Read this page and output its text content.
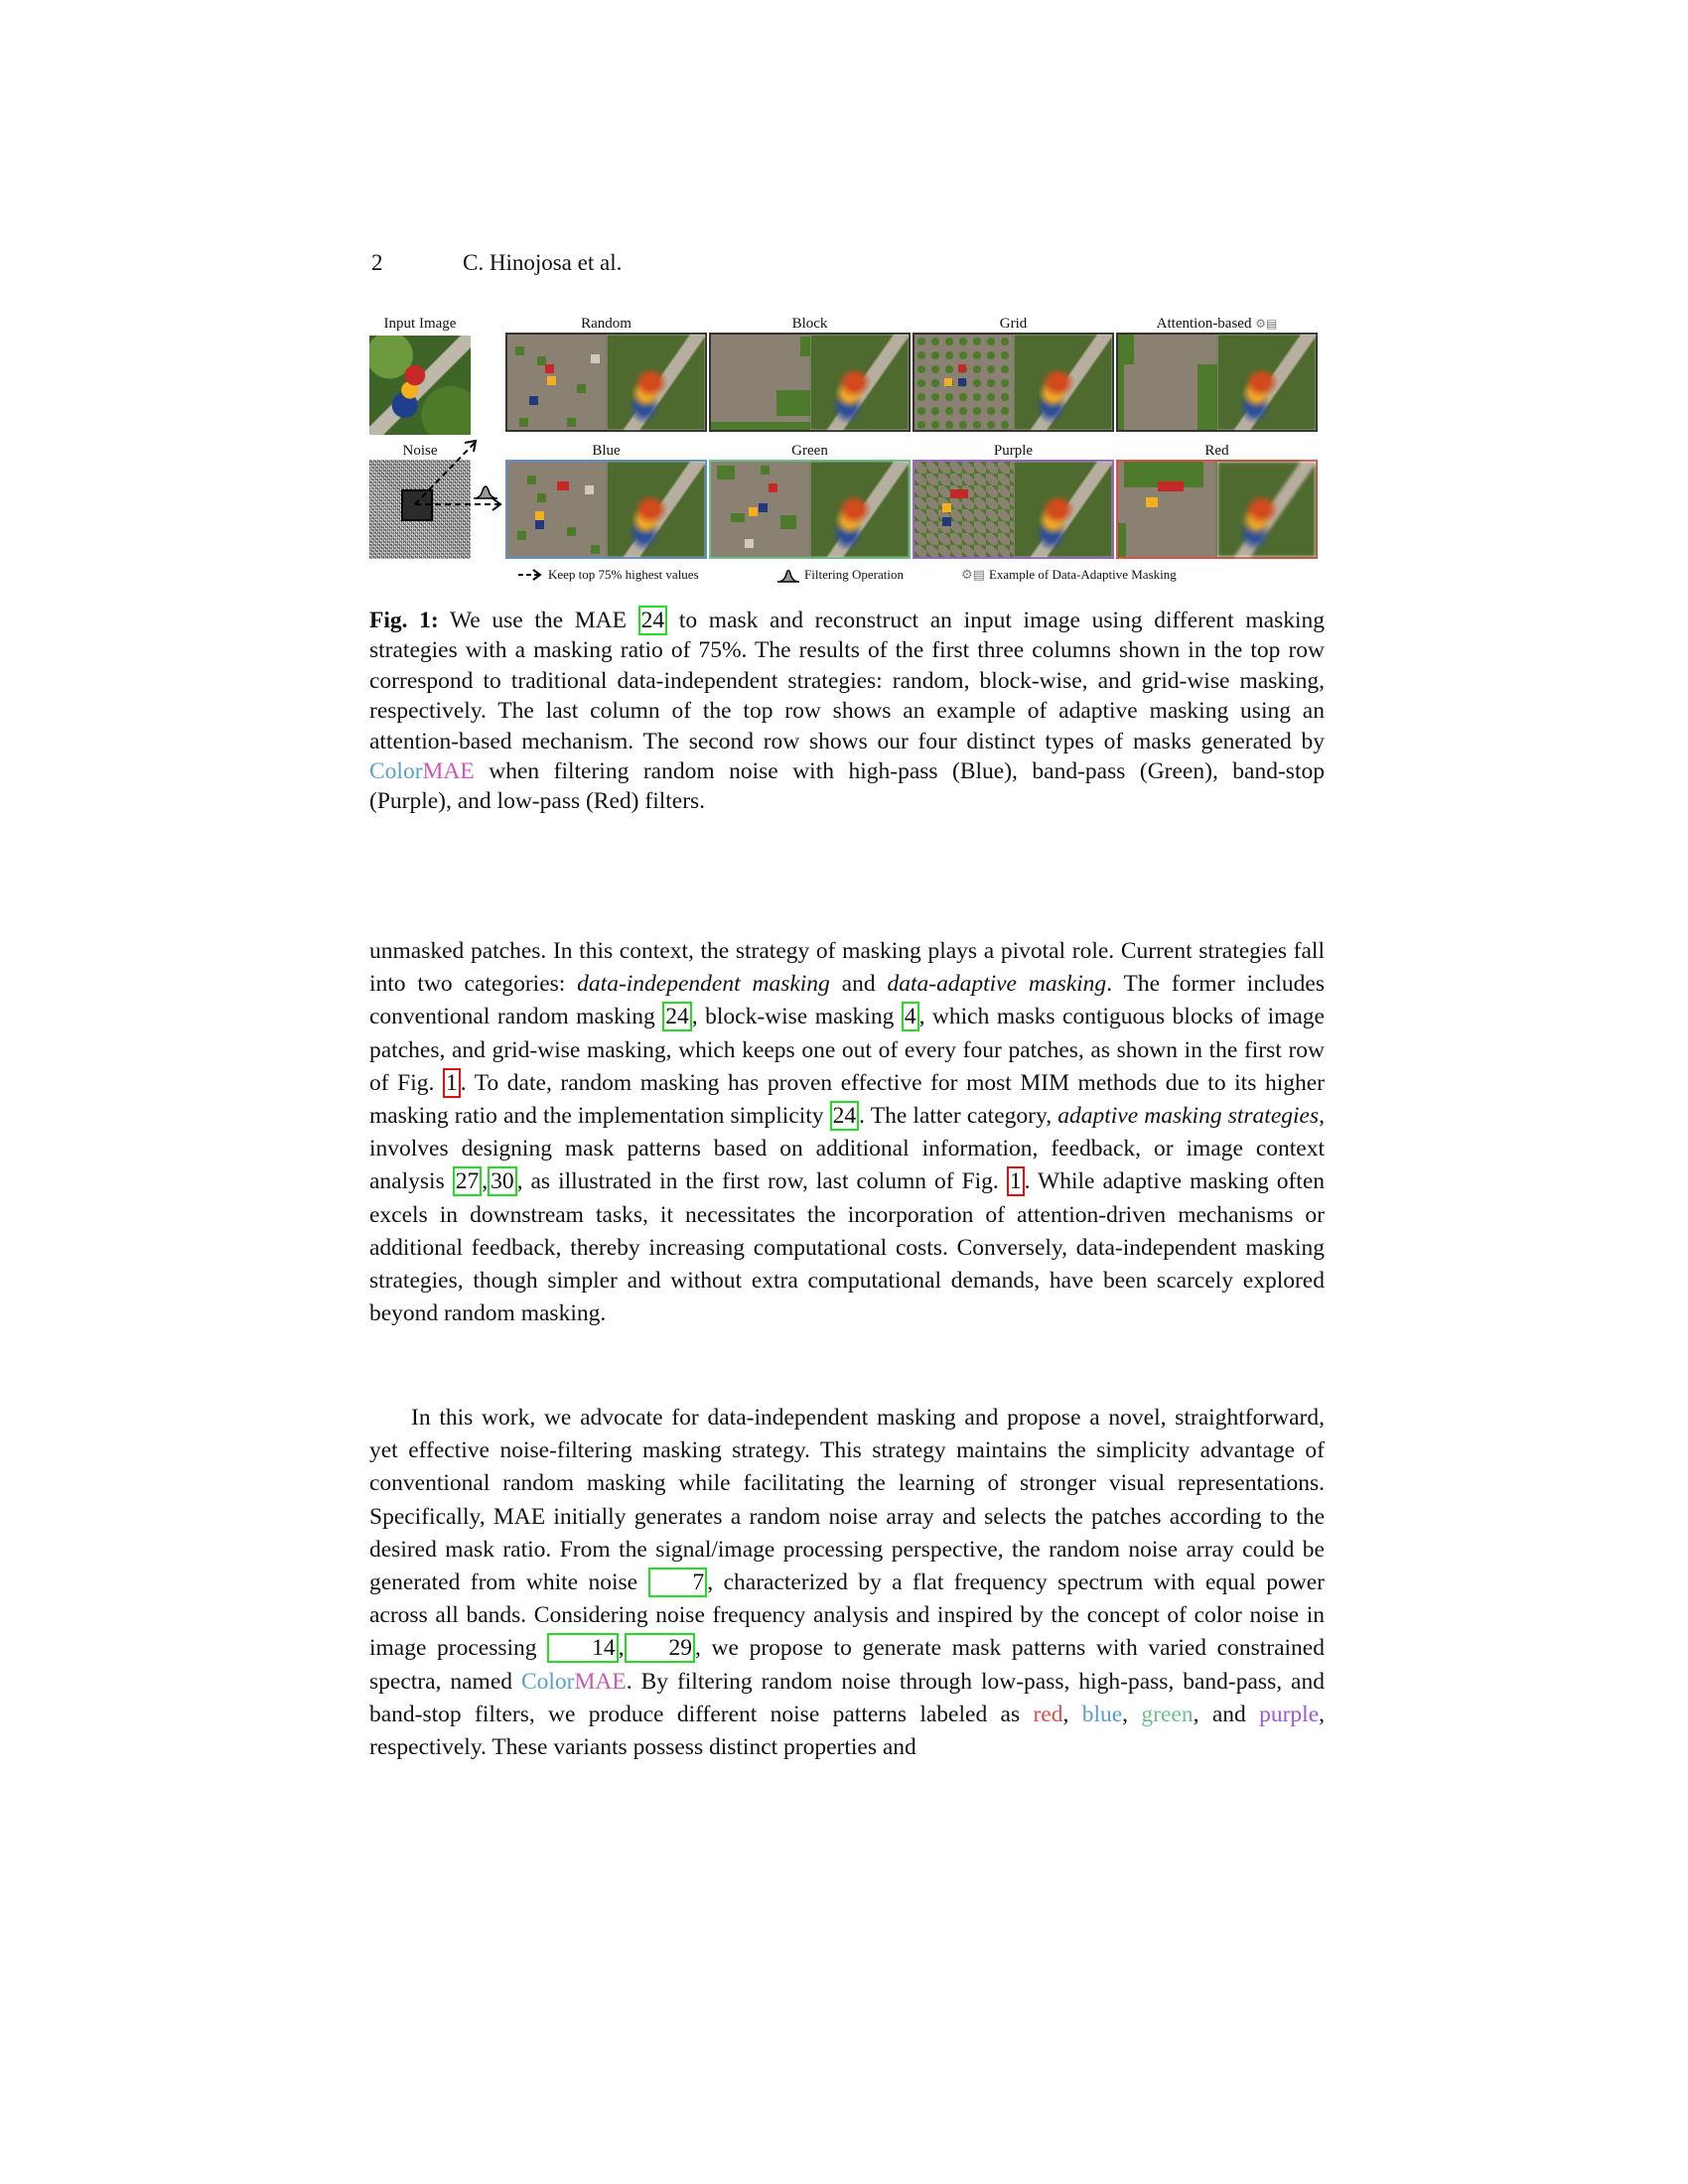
2	C. Hinojosa et al.
Input Image
Noise
Random	Block	Grid	Attention-based ⚙▤
Blue	Green	Purple	Red
Keep top 75% highest values	Filtering Operation	⚙▤ Example of Data-Adaptive Masking
Fig. 1: We use the MAE 24 to mask and reconstruct an input image using different masking strategies with a masking ratio of 75%. The results of the first three columns shown in the top row correspond to traditional data-independent strategies: random, block-wise, and grid-wise masking, respectively. The last column of the top row shows an example of adaptive masking using an attention-based mechanism. The second row shows our four distinct types of masks generated by ColorMAE when filtering random noise with high-pass (Blue), band-pass (Green), band-stop (Purple), and low-pass (Red) filters.
unmasked patches. In this context, the strategy of masking plays a pivotal role. Current strategies fall into two categories: data-independent masking and data-adaptive masking. The former includes conventional random masking 24 , block-wise masking 4 , which masks contiguous blocks of image patches, and grid-wise masking, which keeps one out of every four patches, as shown in the first row of Fig. 1 . To date, random masking has proven effective for most MIM methods due to its higher masking ratio and the implementation simplicity 24 . The latter category, adaptive masking strategies, involves designing mask patterns based on additional information, feedback, or image context analysis 27 , 30 , as illustrated in the first row, last column of Fig. 1 . While adaptive masking often excels in downstream tasks, it necessitates the incorporation of attention-driven mechanisms or additional feedback, thereby increasing computational costs. Conversely, data-independent masking strategies, though simpler and without extra computational demands, have been scarcely explored beyond random masking.
In this work, we advocate for data-independent masking and propose a novel, straightforward, yet effective noise-filtering masking strategy. This strategy maintains the simplicity advantage of conventional random masking while facilitating the learning of stronger visual representations. Specifically, MAE initially generates a random noise array and selects the patches according to the desired mask ratio. From the signal/image processing perspective, the random noise array could be generated from white noise 7 , characterized by a flat frequency spectrum with equal power across all bands. Considering noise frequency analysis and inspired by the concept of color noise in image processing 14 , 29 , we propose to generate mask patterns with varied constrained spectra, named ColorMAE. By filtering random noise through low-pass, high-pass, band-pass, and band-stop filters, we produce different noise patterns labeled as red, blue, green, and purple, respectively. These variants possess distinct properties and
